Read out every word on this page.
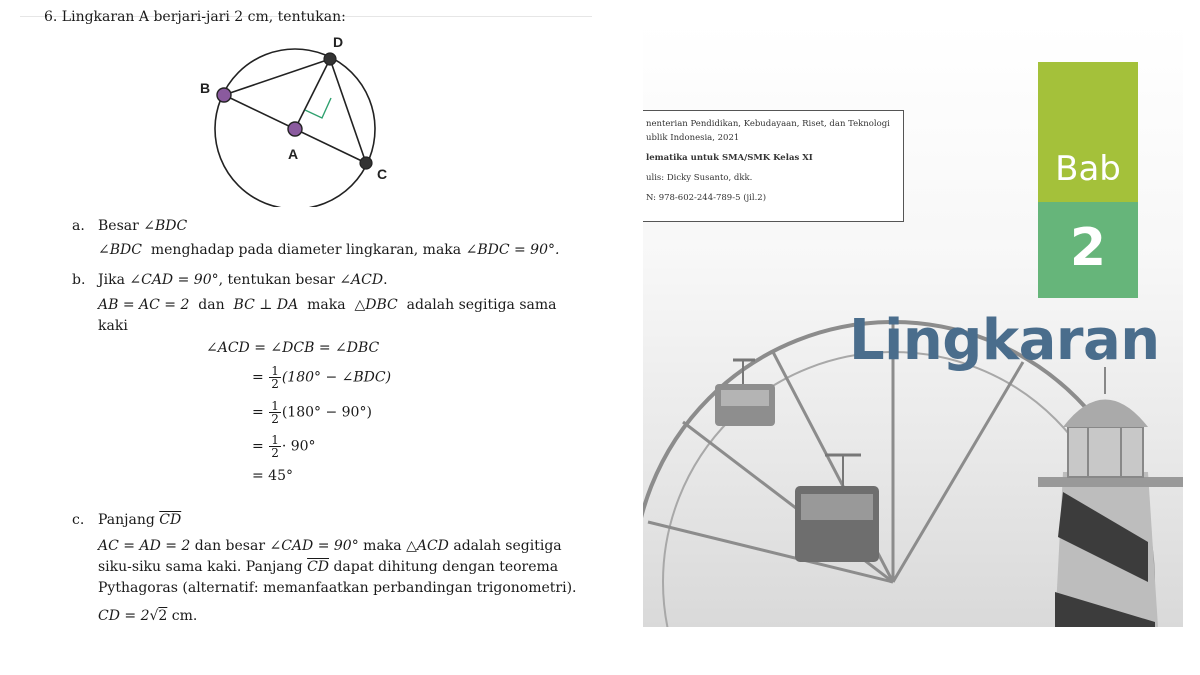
6. Lingkaran A berjari-jari 2 cm, tentukan:
B
A
D
C
a. Besar ∠BDC
∠BDC menghadap pada diameter lingkaran, maka ∠BDC = 90°.
b. Jika ∠CAD = 90°, tentukan besar ∠ACD.
AB = AC = 2 dan BC ⊥ DA maka △DBC adalah segitiga sama
kaki
∠ACD = ∠DCB = ∠DBC
= $\frac{1}{2} (180^\circ$ − ∠BDC)
= $\frac{1}{2} (180^\circ - 90^\circ)$
= $\frac{1}{2} \cdot 90^\circ$
= 45°
c. Panjang $\overline{CD}$
AC = AD = 2 dan besar ∠CAD = 90° maka △ACD adalah segitiga
siku-siku sama kaki. Panjang $\overline{CD}$ dapat dihitung dengan teorema
Pythagoras (alternatif: memanfaatkan perbandingan trigonometri).
CD = 2√2 cm.
nenterian Pendidikan, Kebudayaan, Riset, dan Teknologi
ublik Indonesia, 2021
lematika untuk SMA/SMK Kelas XI
ulis: Dicky Susanto, dkk.
N: 978-602-244-789-5 (jil.2)
Bab
2
Lingkaran
